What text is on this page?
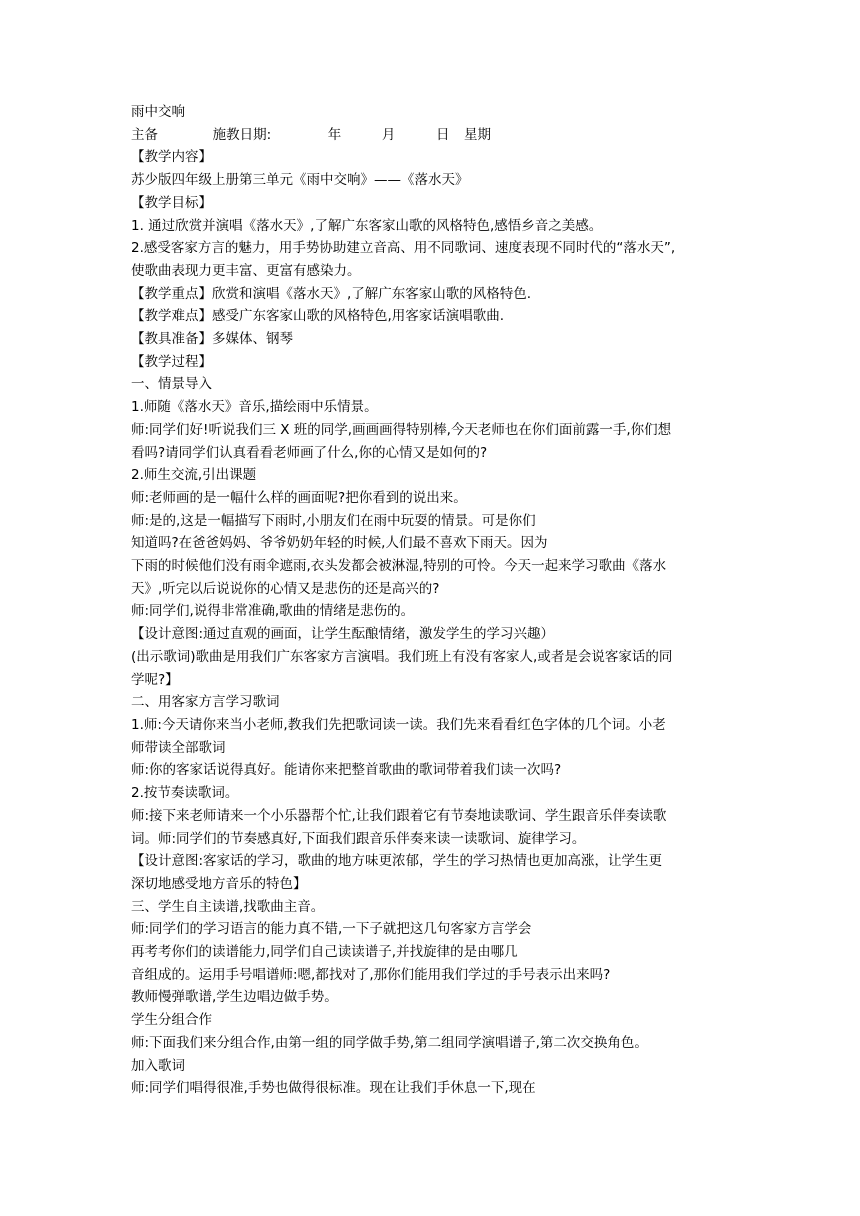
雨中交响
主备	施教日期:	年	月	日 星期
【教学内容】
苏少版四年级上册第三单元《雨中交响》——《落水天》
【教学目标】
1. 通过欣赏并演唱《落水天》,了解广东客家山歌的风格特色,感悟乡音之美感。
2.感受客家方言的魅力，用手势协助建立音高、用不同歌词、速度表现不同时代的“落水天”,
使歌曲表现力更丰富、更富有感染力。
【教学重点】欣赏和演唱《落水天》,了解广东客家山歌的风格特色.
【教学难点】感受广东客家山歌的风格特色,用客家话演唱歌曲.
【教具准备】多媒体、钢琴
【教学过程】
一、情景导入
1.师随《落水天》音乐,描绘雨中乐情景。
师:同学们好!听说我们三 X 班的同学,画画画得特别棒,今天老师也在你们面前露一手,你们想
看吗?请同学们认真看看老师画了什么,你的心情又是如何的?
2.师生交流,引出课题
师:老师画的是一幅什么样的画面呢?把你看到的说出来。
师:是的,这是一幅描写下雨时,小朋友们在雨中玩耍的情景。可是你们
知道吗?在爸爸妈妈、爷爷奶奶年轻的时候,人们最不喜欢下雨天。因为
下雨的时候他们没有雨伞遮雨,衣头发都会被淋湿,特别的可怜。今天一起来学习歌曲《落水
天》,听完以后说说你的心情又是悲伤的还是高兴的?
师:同学们,说得非常准确,歌曲的情绪是悲伤的。
【设计意图:通过直观的画面，让学生酝酿情绪，激发学生的学习兴趣）
(出示歌词)歌曲是用我们广东客家方言演唱。我们班上有没有客家人,或者是会说客家话的同
学呢?】
二、用客家方言学习歌词
1.师:今天请你来当小老师,教我们先把歌词读一读。我们先来看看红色字体的几个词。小老
师带读全部歌词
师:你的客家话说得真好。能请你来把整首歌曲的歌词带着我们读一次吗?
2.按节奏读歌词。
师:接下来老师请来一个小乐器帮个忙,让我们跟着它有节奏地读歌词、学生跟音乐伴奏读歌
词。师:同学们的节奏感真好,下面我们跟音乐伴奏来读一读歌词、旋律学习。
【设计意图:客家话的学习，歌曲的地方味更浓郁，学生的学习热情也更加高涨，让学生更
深切地感受地方音乐的特色】
三、学生自主读谱,找歌曲主音。
师:同学们的学习语言的能力真不错,一下子就把这几句客家方言学会
再考考你们的读谱能力,同学们自己读读谱子,并找旋律的是由哪几
音组成的。运用手号唱谱师:嗯,都找对了,那你们能用我们学过的手号表示出来吗?
教师慢弹歌谱,学生边唱边做手势。
学生分组合作
师:下面我们来分组合作,由第一组的同学做手势,第二组同学演唱谱子,第二次交换角色。
加入歌词
师:同学们唱得很准,手势也做得很标准。现在让我们手休息一下,现在
